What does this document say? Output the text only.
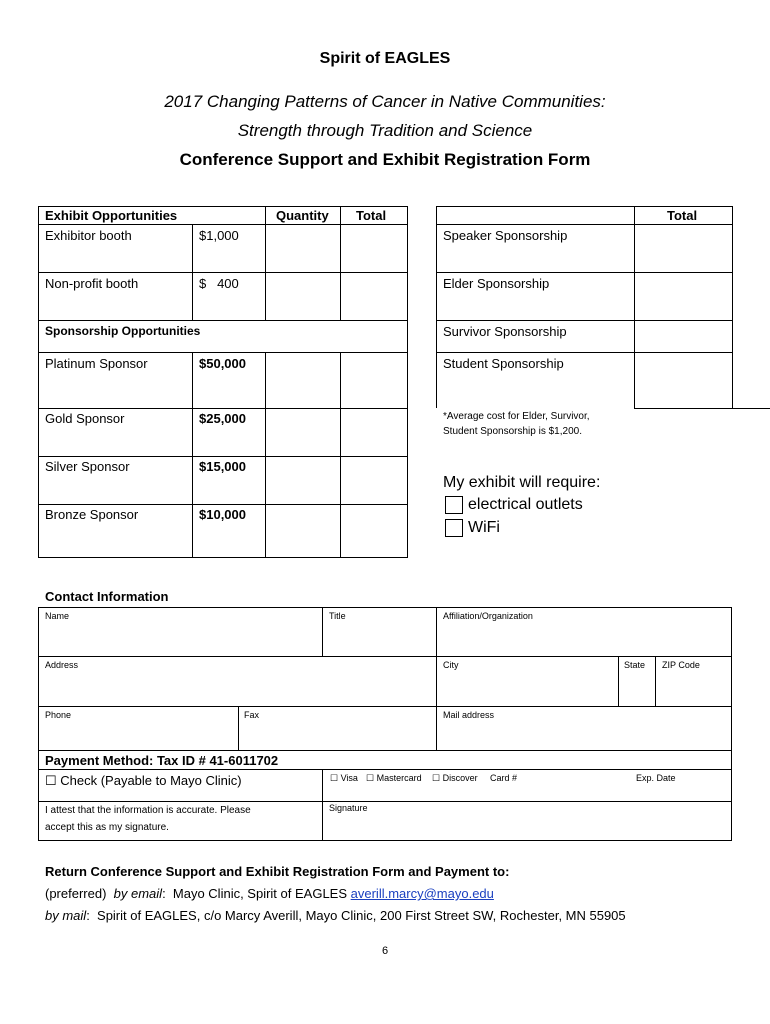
Spirit of EAGLES
2017 Changing Patterns of Cancer in Native Communities:
Strength through Tradition and Science
Conference Support and Exhibit Registration Form
Exhibit Opportunities	Quantity Total
Exhibitor booth	$1,000
Non-profit booth	$   400
Sponsorship Opportunities
Platinum Sponsor	$50,000
Gold Sponsor	$25,000
Silver Sponsor	$15,000
Bronze Sponsor	$10,000
Total
Speaker Sponsorship
Elder Sponsorship
Survivor Sponsorship
Student Sponsorship
*Average cost for Elder, Survivor,
Student Sponsorship is $1,200.
My exhibit will require:
electrical outlets
WiFi
Contact Information
Name	Title	Affiliation/Organization
Address	City	State ZIP Code
Phone	Fax	Mail address
Payment Method: Tax ID # 41-6011702
☐ Check (Payable to Mayo Clinic)	☐ Visa ☐ Mastercard ☐ Discover Card #	Exp. Date
I attest that the information is accurate. Please
accept this as my signature.
Signature
Return Conference Support and Exhibit Registration Form and Payment to:
(preferred)  by email:  Mayo Clinic, Spirit of EAGLES averill.marcy@mayo.edu
by mail:  Spirit of EAGLES, c/o Marcy Averill, Mayo Clinic, 200 First Street SW, Rochester, MN 55905
6
